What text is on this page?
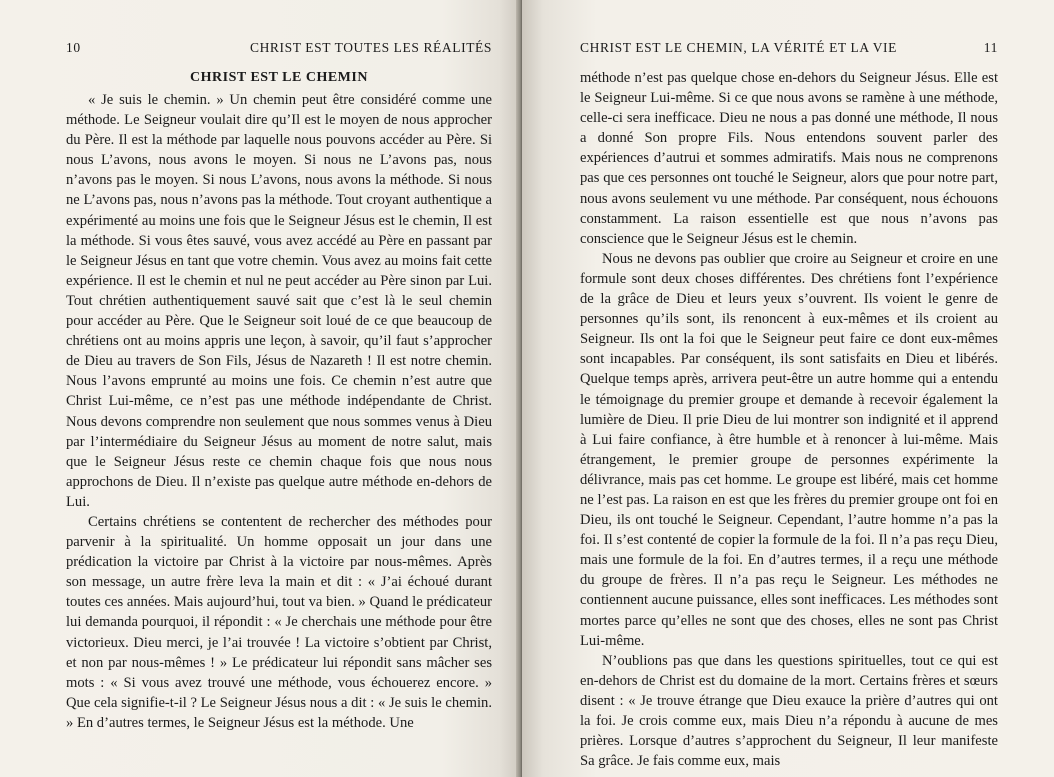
10	CHRIST EST TOUTES LES RÉALITÉS
CHRIST EST LE CHEMIN

« Je suis le chemin. » Un chemin peut être considéré comme une méthode. Le Seigneur voulait dire qu’Il est le moyen de nous approcher du Père. Il est la méthode par laquelle nous pouvons accéder au Père. Si nous L’avons, nous avons le moyen. Si nous ne L’avons pas, nous n’avons pas le moyen. Si nous L’avons, nous avons la méthode. Si nous ne L’avons pas, nous n’avons pas la méthode. Tout croyant authentique a expérimenté au moins une fois que le Seigneur Jésus est le chemin, Il est la méthode. Si vous êtes sauvé, vous avez accédé au Père en passant par le Seigneur Jésus en tant que votre chemin. Vous avez au moins fait cette expérience. Il est le chemin et nul ne peut accéder au Père sinon par Lui. Tout chrétien authentiquement sauvé sait que c’est là le seul chemin pour accéder au Père. Que le Seigneur soit loué de ce que beaucoup de chrétiens ont au moins appris une leçon, à savoir, qu’il faut s’approcher de Dieu au travers de Son Fils, Jésus de Nazareth ! Il est notre chemin. Nous l’avons emprunté au moins une fois. Ce chemin n’est autre que Christ Lui-même, ce n’est pas une méthode indépendante de Christ. Nous devons comprendre non seulement que nous sommes venus à Dieu par l’intermédiaire du Seigneur Jésus au moment de notre salut, mais que le Seigneur Jésus reste ce chemin chaque fois que nous nous approchons de Dieu. Il n’existe pas quelque autre méthode en-dehors de Lui.

Certains chrétiens se contentent de rechercher des méthodes pour parvenir à la spiritualité. Un homme opposait un jour dans une prédication la victoire par Christ à la victoire par nous-mêmes. Après son message, un autre frère leva la main et dit : « J’ai échoué durant toutes ces années. Mais aujourd’hui, tout va bien. » Quand le prédicateur lui demanda pourquoi, il répondit : « Je cherchais une méthode pour être victorieux. Dieu merci, je l’ai trouvée ! La victoire s’obtient par Christ, et non par nous-mêmes ! » Le prédicateur lui répondit sans mâcher ses mots : « Si vous avez trouvé une méthode, vous échouerez encore. » Que cela signifie-t-il ? Le Seigneur Jésus nous a dit : « Je suis le chemin. » En d’autres termes, le Seigneur Jésus est la méthode. Une

CHRIST EST LE CHEMIN, LA VÉRITÉ ET LA VIE	11

méthode n’est pas quelque chose en-dehors du Seigneur Jésus. Elle est le Seigneur Lui-même. Si ce que nous avons se ramène à une méthode, celle-ci sera inefficace. Dieu ne nous a pas donné une méthode, Il nous a donné Son propre Fils. Nous entendons souvent parler des expériences d’autrui et sommes admiratifs. Mais nous ne comprenons pas que ces personnes ont touché le Seigneur, alors que pour notre part, nous avons seulement vu une méthode. Par conséquent, nous échouons constamment. La raison essentielle est que nous n’avons pas conscience que le Seigneur Jésus est le chemin.

Nous ne devons pas oublier que croire au Seigneur et croire en une formule sont deux choses différentes. Des chrétiens font l’expérience de la grâce de Dieu et leurs yeux s’ouvrent. Ils voient le genre de personnes qu’ils sont, ils renoncent à eux-mêmes et ils croient au Seigneur. Ils ont la foi que le Seigneur peut faire ce dont eux-mêmes sont incapables. Par conséquent, ils sont satisfaits en Dieu et libérés. Quelque temps après, arrivera peut-être un autre homme qui a entendu le témoignage du premier groupe et demande à recevoir également la lumière de Dieu. Il prie Dieu de lui montrer son indignité et il apprend à Lui faire confiance, à être humble et à renoncer à lui-même. Mais étrangement, le premier groupe de personnes expérimente la délivrance, mais pas cet homme. Le groupe est libéré, mais cet homme ne l’est pas. La raison en est que les frères du premier groupe ont foi en Dieu, ils ont touché le Seigneur. Cependant, l’autre homme n’a pas la foi. Il s’est contenté de copier la formule de la foi. Il n’a pas reçu Dieu, mais une formule de la foi. En d’autres termes, il a reçu une méthode du groupe de frères. Il n’a pas reçu le Seigneur. Les méthodes ne contiennent aucune puissance, elles sont inefficaces. Les méthodes sont mortes parce qu’elles ne sont que des choses, elles ne sont pas Christ Lui-même.

N’oublions pas que dans les questions spirituelles, tout ce qui est en-dehors de Christ est du domaine de la mort. Certains frères et sœurs disent : « Je trouve étrange que Dieu exauce la prière d’autres qui ont la foi. Je crois comme eux, mais Dieu n’a répondu à aucune de mes prières. Lorsque d’autres s’approchent du Seigneur, Il leur manifeste Sa grâce. Je fais comme eux, mais
